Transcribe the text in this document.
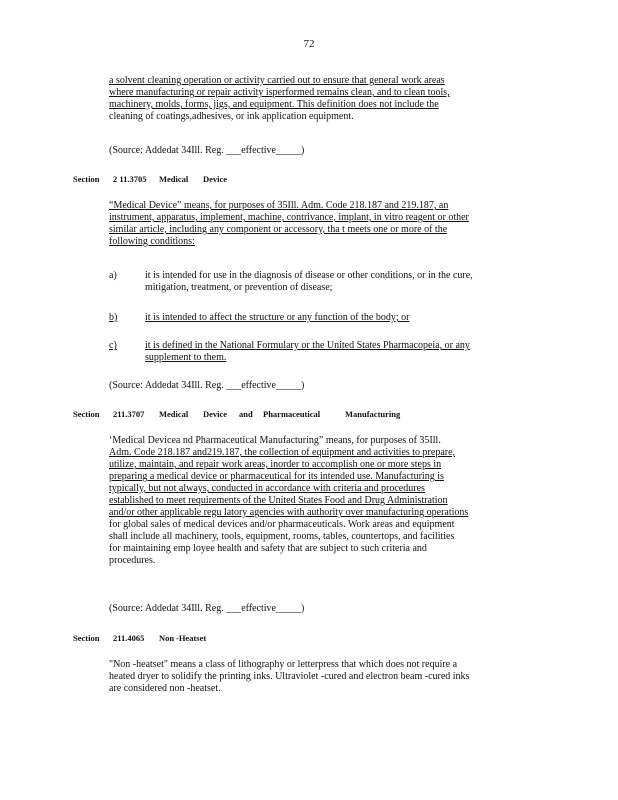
72
a solvent cleaning operation or activity carried out to ensure that general work areas
where manufacturing or repair activity isperformed remains clean, and to clean tools,
machinery, molds, forms, jigs, and equipment. This definition does not include the
cleaning of coatings,adhesives, or ink application equipment.
(Source: Addedat 34Ill. Reg. ___effective_____)
Section 2 11.3705 Medical Device
“Medical Device” means, for purposes of 35Ill. Adm. Code 218.187 and 219.187, an
instrument, apparatus, implement, machine, contrivance, implant, in vitro reagent or other
similar article, including any component or accessory, tha t meets one or more of the
following conditions:
a)	it is intended for use in the diagnosis of disease or other conditions, or in the cure,
mitigation, treatment, or prevention of disease;
b)	it is intended to affect the structure or any function of the body; or
c)	it is defined in the National Formulary or the United States Pharmacopeia, or any
supplement to them.
(Source: Addedat 34Ill. Reg. ___effective_____)
Section 211.3707 Medical Device and Pharmaceutical	Manufacturing
‘Medical Devicea nd Pharmaceutical Manufacturing” means, for purposes of 35Ill.
Adm. Code 218.187 and219.187, the collection of equipment and activities to prepare,
utilize, maintain, and repair work areas, inorder to accomplish one or more steps in
preparing a medical device or pharmaceutical for its intended use. Manufacturing is
typically, but not always, conducted in accordance with criteria and procedures
established to meet requirements of the United States Food and Drug Administration
and/or other applicable regu latory agencies with authority over manufacturing operations
for global sales of medical devices and/or pharmaceuticals. Work areas and equipment
shall include all machinery, tools, equipment, rooms, tables, countertops, and facilities
for maintaining emp loyee health and safety that are subject to such criteria and
procedures.
(Source: Addedat 34Ill. Reg. ___effective_____)
Section 211.4065 Non -Heatset
"Non -heatset" means a class of lithography or letterpress that which does not require a
heated dryer to solidify the printing inks. Ultraviolet -cured and electron beam -cured inks
are considered non -heatset.
